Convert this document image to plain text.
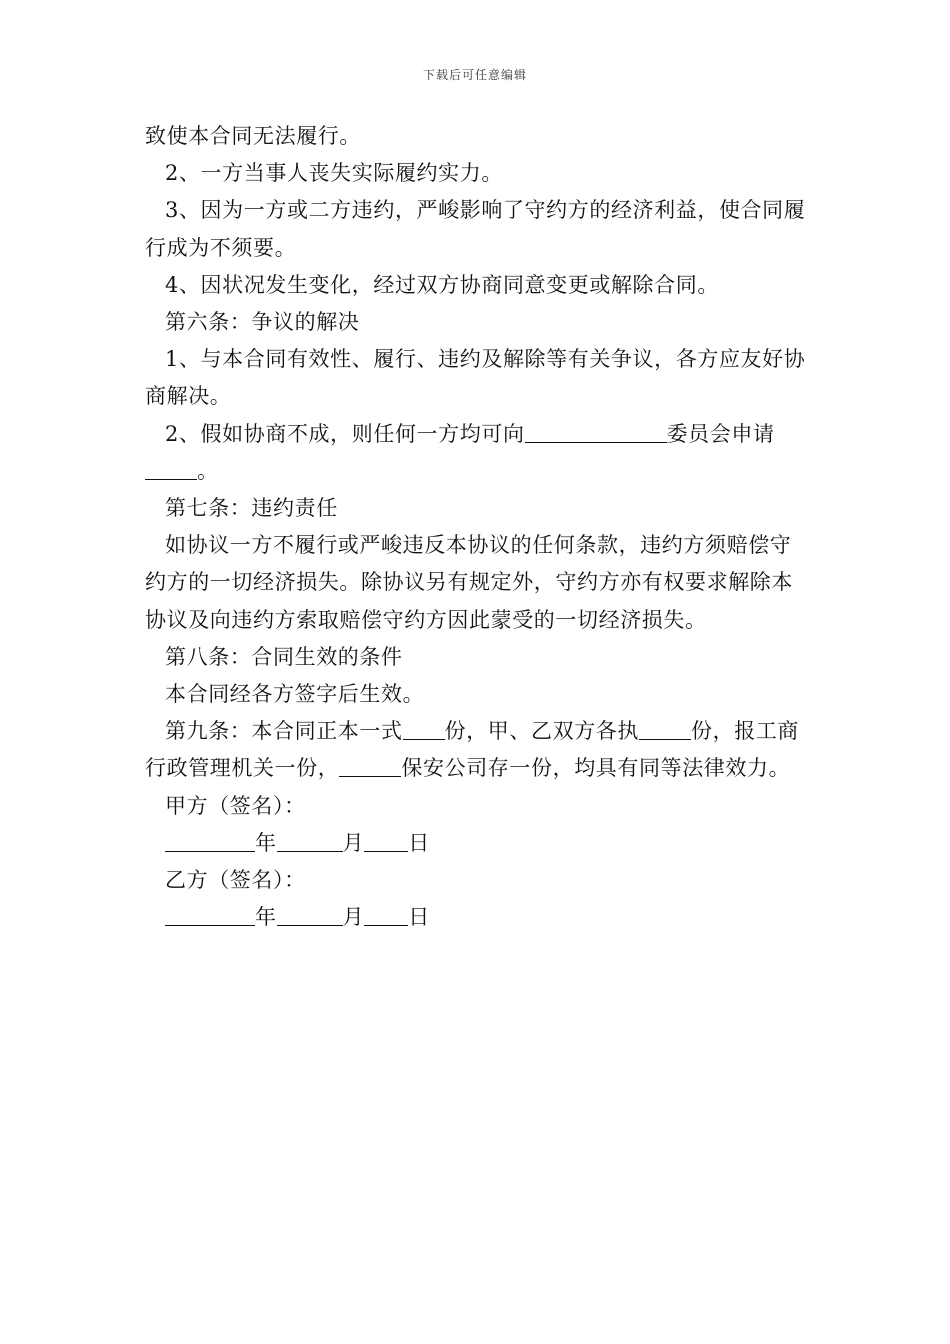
下载后可任意编辑

致使本合同无法履行。

2、一方当事人丧失实际履约实力。

3、因为一方或二方违约，严峻影响了守约方的经济利益，使合同履行成为不须要。

4、因状况发生变化，经过双方协商同意变更或解除合同。

第六条：争议的解决

1、与本合同有效性、履行、违约及解除等有关争议，各方应友好协商解决。

2、假如协商不成，则任何一方均可向	委员会申请。

第七条：违约责任

如协议一方不履行或严峻违反本协议的任何条款，违约方须赔偿守约方的一切经济损失。除协议另有规定外，守约方亦有权要求解除本协议及向违约方索取赔偿守约方因此蒙受的一切经济损失。

第八条：合同生效的条件

本合同经各方签字后生效。

第九条：本合同正本一式 份，甲、乙双方各执 份，报工商行政管理机关一份，	保安公司存一份，均具有同等法律效力。

甲方（签名）：

年	月 日

乙方（签名）：

年	月 日
